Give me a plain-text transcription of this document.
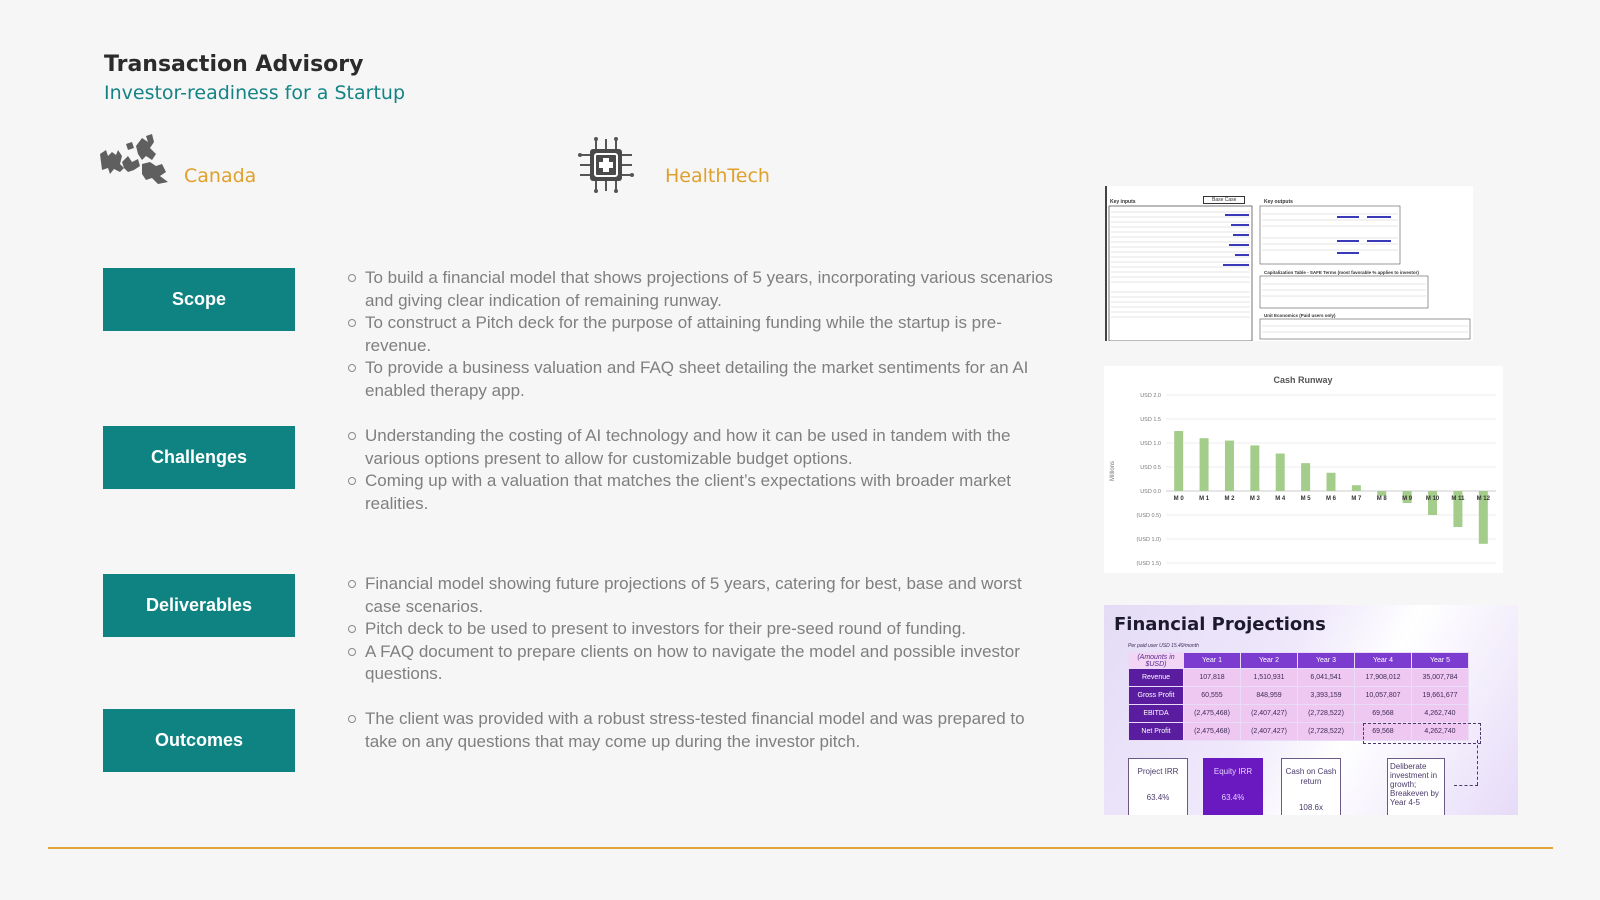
Transaction Advisory
Investor-readiness for a Startup
Canada	HealthTech
Scope
To build a financial model that shows projections of 5 years, incorporating various scenarios and giving clear indication of remaining runway.
To construct a Pitch deck for the purpose of attaining funding while the startup is pre-revenue.
To provide a business valuation and FAQ sheet detailing the market sentiments for an AI enabled therapy app.
Challenges
Understanding the costing of AI technology and how it can be used in tandem with the various options present to allow for customizable budget options.
Coming up with a valuation that matches the client’s expectations with broader market realities.
Deliverables
Financial model showing future projections of 5 years, catering for best, base and worst case scenarios.
Pitch deck to be used to present to investors for their pre-seed round of funding.
A FAQ document to prepare clients on how to navigate the model and possible investor questions.
Outcomes
The client was provided with a robust stress-tested financial model and was prepared to take on any questions that may come up during the investor pitch.
Key inputs	Base Case	Key outputs
Capitalization Table - SAFE Terms (most favorable % applies to investor)
Unit Economics (Paid users only)
Cash Runway
Millions
USD 2.0
USD 1.5
USD 1.0
USD 0.5
USD 0.0
(USD 0.5)
(USD 1.0)
(USD 1.5)
M 0	M 1	M 2	M 3	M 4	M 5	M 6	M 7	M 8	M 9 M 10 M 11 M 12
Financial Projections
Per paid user USD 15.49/month
(Amounts in $USD)	Year 1	Year 2	Year 3	Year 4	Year 5
Revenue	107,818	1,510,931	6,041,541	17,908,012	35,007,784
Gross Profit	60,555	848,959	3,393,159	10,057,807	19,661,677
EBITDA	(2,475,468)	(2,407,427)	(2,728,522)	69,568	4,262,740
Net Profit	(2,475,468)	(2,407,427)	(2,728,522)	69,568	4,262,740
Project IRR
63.4%
Equity IRR
63.4%
Cash on Cash return
108.6x
Deliberate investment in growth; Breakeven by Year 4-5
